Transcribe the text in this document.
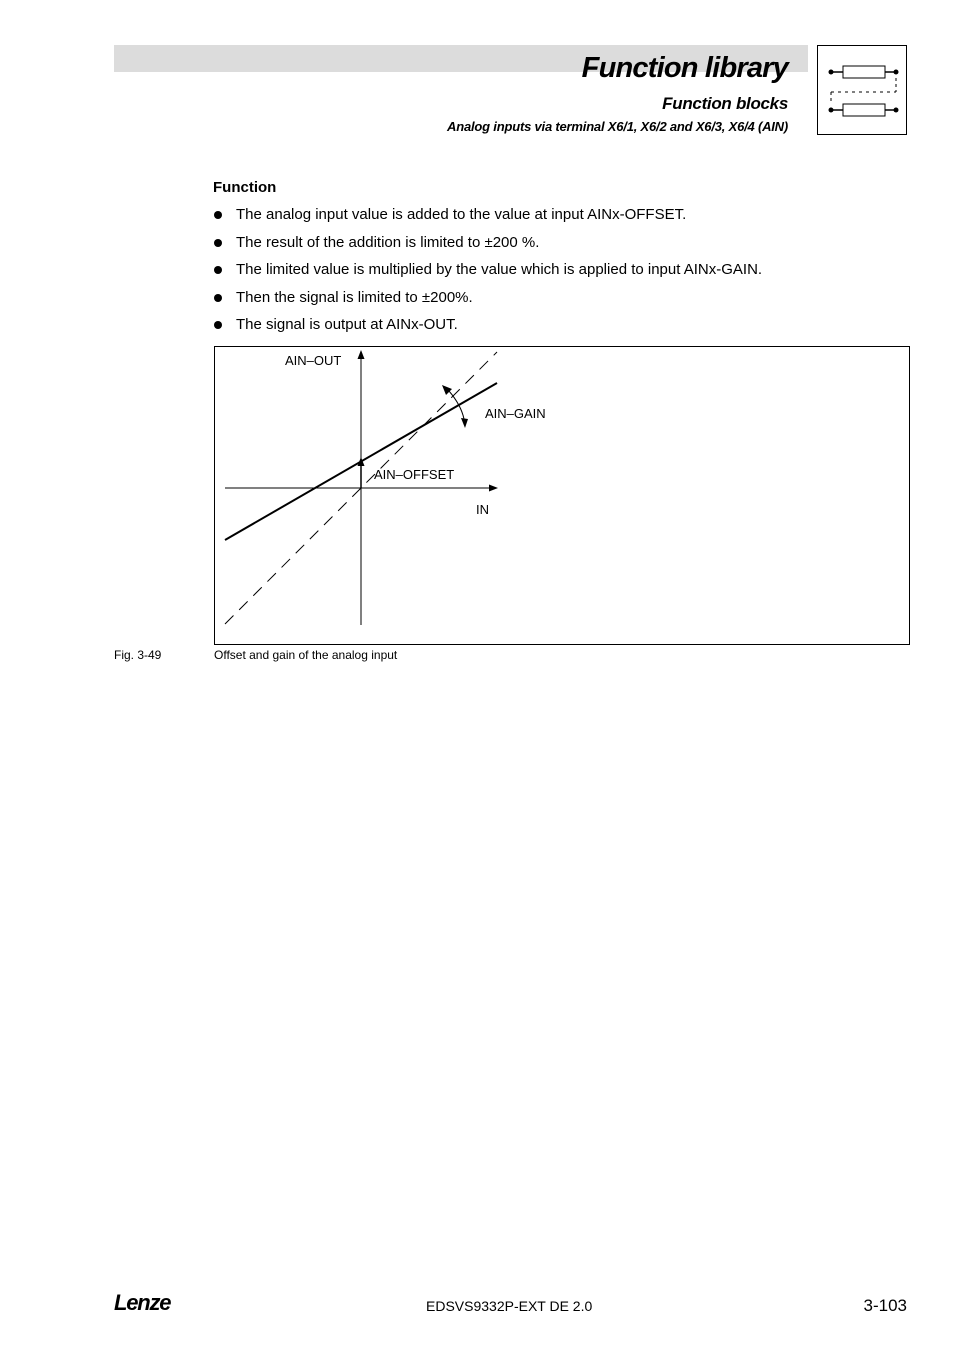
Function library
Function blocks
Analog inputs via terminal X6/1, X6/2 and X6/3, X6/4 (AIN)
Function
The analog input value is added to the value at input AINx-OFFSET.
The result of the addition is limited to ±200 %.
The limited value is multiplied by the value which is applied to input AINx-GAIN.
Then the signal is limited to ±200%.
The signal is output at AINx-OUT.
AIN–OUT
AIN–GAIN
AIN–OFFSET
IN
Fig. 3-49	Offset and gain of the analog input
Lenze	EDSVS9332P-EXT DE 2.0	3-103
